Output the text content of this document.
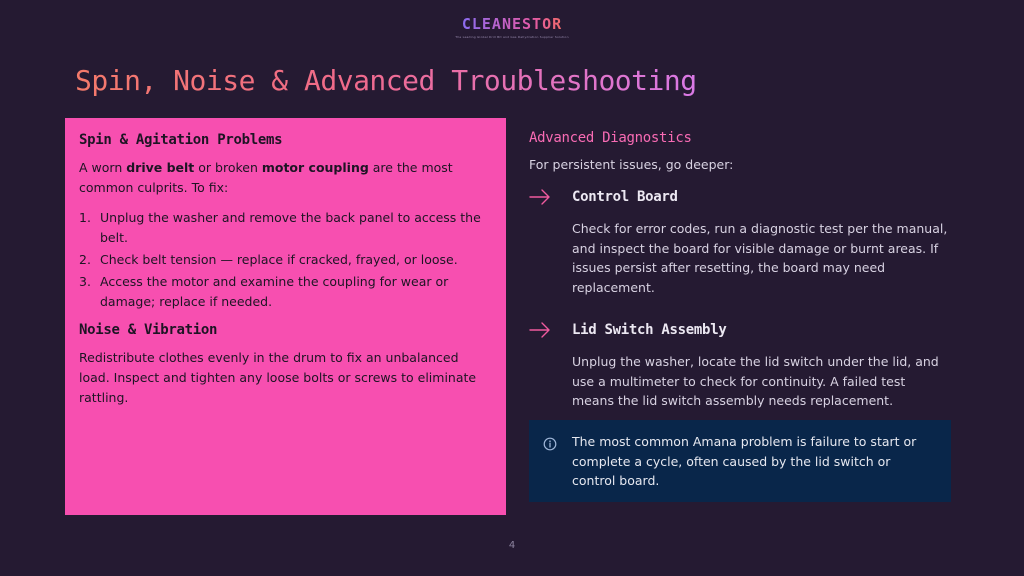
CLEANESTOR
The Leading Global Drill Bit and Gas Dehydration Supplier Solution
Spin, Noise & Advanced Troubleshooting
Spin & Agitation Problems

A worn drive belt or broken motor coupling are the most common culprits. To fix:

1. Unplug the washer and remove the back panel to access the belt.
2. Check belt tension — replace if cracked, frayed, or loose.
3. Access the motor and examine the coupling for wear or damage; replace if needed.
Noise & Vibration

Redistribute clothes evenly in the drum to fix an unbalanced load. Inspect and tighten any loose bolts or screws to eliminate rattling.

Advanced Diagnostics

For persistent issues, go deeper:

Control Board

Check for error codes, run a diagnostic test per the manual, and inspect the board for visible damage or burnt areas. If issues persist after resetting, the board may need replacement.

Lid Switch Assembly

Unplug the washer, locate the lid switch under the lid, and use a multimeter to check for continuity. A failed test means the lid switch assembly needs replacement.

The most common Amana problem is failure to start or complete a cycle, often caused by the lid switch or control board.

4
